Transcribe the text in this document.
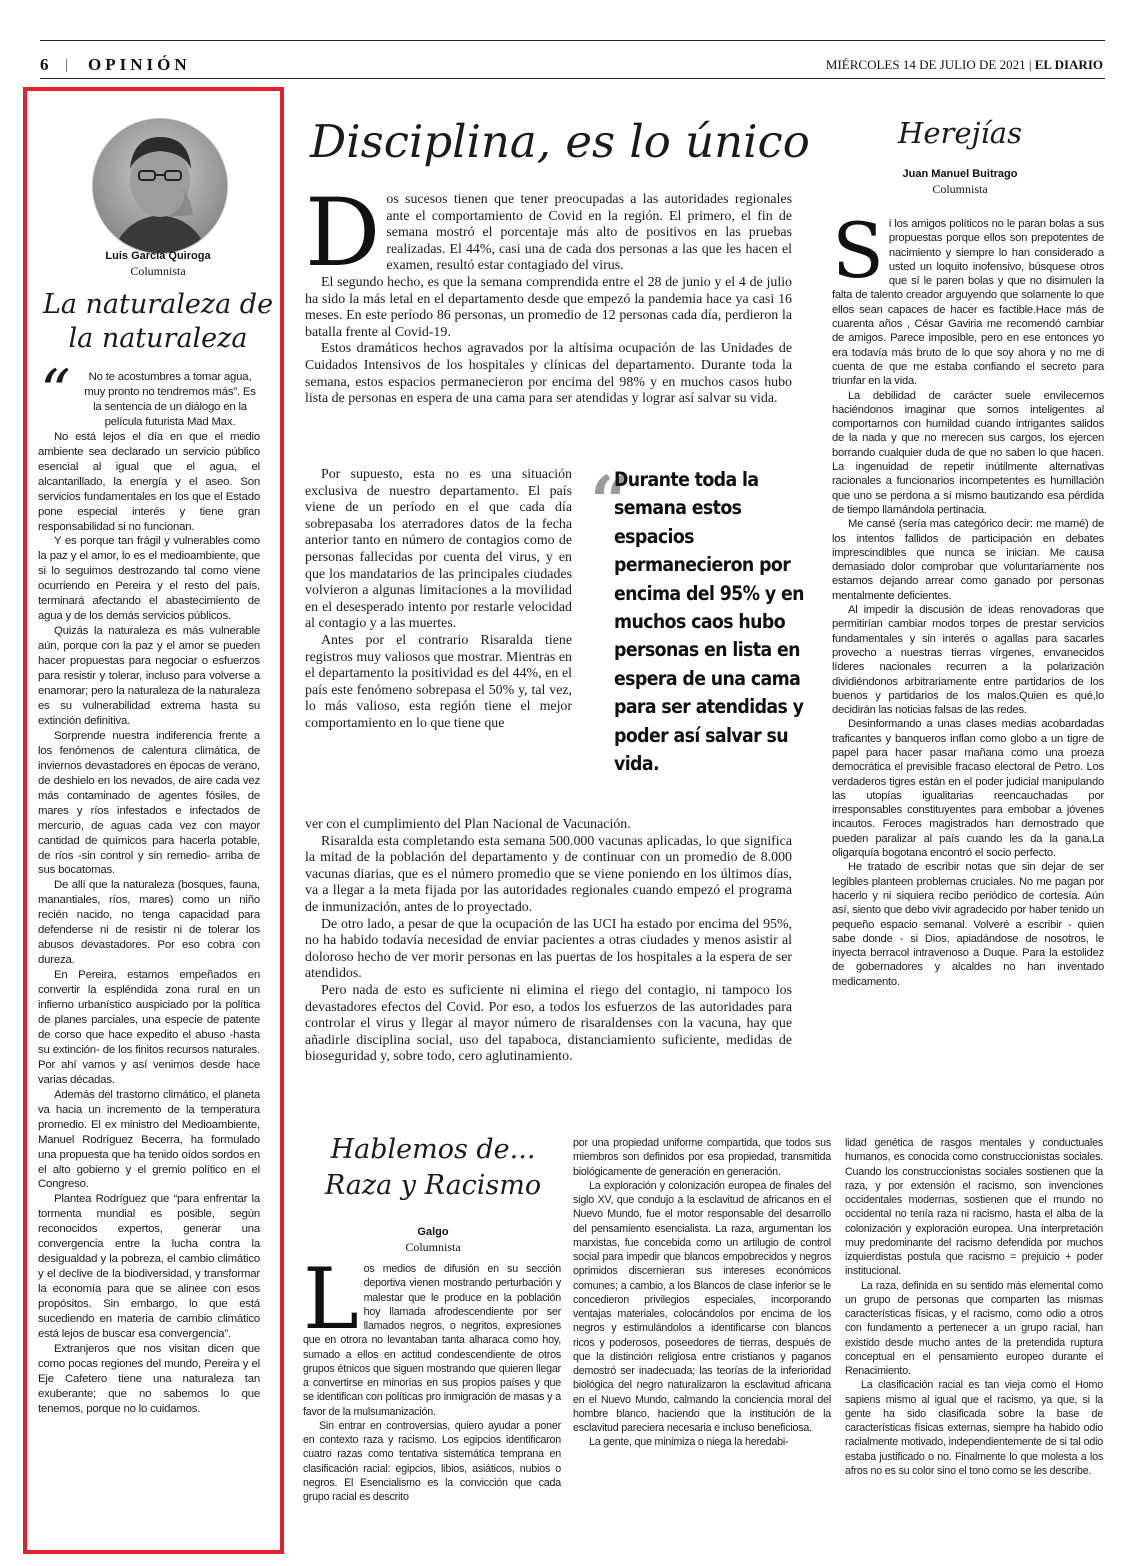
6 | OPINIÓN	MIÉRCOLES 14 DE JULIO DE 2021 | EL DIARIO
Luis García Quiroga
Columnista
La naturaleza de
la naturaleza
“	No te acostumbres a tomar agua, muy pronto no tendremos más”. Es la sentencia de un diálogo en la película futurista Mad Max.

No está lejos el día en que el medio ambiente sea declarado un servicio público esencial al igual que el agua, el alcantarillado, la energía y el aseo. Son servicios fundamentales en los que el Estado pone especial interés y tiene gran responsabilidad si no funcionan.

Y es porque tan frágil y vulnerables como la paz y el amor, lo es el medioambiente, que si lo seguimos destrozando tal como viene ocurriendo en Pereira y el resto del país, terminará afectando el abastecimiento de agua y de los demás servicios públicos.

Quizás la naturaleza es más vulnerable aún, porque con la paz y el amor se pueden hacer propuestas para negociar o esfuerzos para resistir y tolerar, incluso para volverse a enamorar; pero la naturaleza de la naturaleza es su vulnerabilidad extrema hasta su extinción definitiva.

Sorprende nuestra indiferencia frente a los fenómenos de calentura climática, de inviernos devastadores en épocas de verano, de deshielo en los nevados, de aire cada vez más contaminado de agentes fósiles, de mares y ríos infestados e infectados de mercurio, de aguas cada vez con mayor cantidad de químicos para hacerla potable, de ríos -sin control y sin remedio- arriba de sus bocatomas.

De allí que la naturaleza (bosques, fauna, manantiales, ríos, mares) como un niño recién nacido, no tenga capacidad para defenderse ni de resistir ni de tolerar los abusos devastadores. Por eso cobra con dureza.

En Pereira, estamos empeñados en convertir la espléndida zona rural en un infierno urbanístico auspiciado por la política de planes parciales, una especie de patente de corso que hace expedito el abuso -hasta su extinción- de los finitos recursos naturales. Por ahí vamos y así venimos desde hace varias décadas.

Además del trastorno climático, el planeta va hacia un incremento de la temperatura promedio. El ex ministro del Medioambiente, Manuel Rodríguez Becerra, ha formulado una propuesta que ha tenido oídos sordos en el alto gobierno y el gremio político en el Congreso.

Plantea Rodríguez que “para enfrentar la tormenta mundial es posible, según reconocidos expertos, generar una convergencia entre la lucha contra la desigualdad y la pobreza, el cambio climático y el declive de la biodiversidad, y transformar la economía para que se alinee con esos propósitos. Sin embargo, lo que está sucediendo en materia de cambio climático está lejos de buscar esa convergencia”.

Extranjeros que nos visitan dicen que como pocas regiones del mundo, Pereira y el Eje Cafetero tiene una naturaleza tan exuberante; que no sabemos lo que tenemos, porque no lo cuidamos.

Disciplina, es lo único

Dos sucesos tienen que tener preocupadas a las autoridades regionales ante el comportamiento de Covid en la región. El primero, el fin de semana mostró el porcentaje más alto de positivos en las pruebas realizadas. El 44%, casi una de cada dos personas a las que les hacen el examen, resultó estar contagiado del virus.

El segundo hecho, es que la semana comprendida entre el 28 de junio y el 4 de julio ha sido la más letal en el departamento desde que empezó la pandemia hace ya casi 16 meses. En este período 86 personas, un promedio de 12 personas cada día, perdieron la batalla frente al Covid-19.

Estos dramáticos hechos agravados por la altísima ocupación de las Unidades de Cuidados Intensivos de los hospitales y clínicas del departamento. Durante toda la semana, estos espacios permanecieron por encima del 98% y en muchos casos hubo lista de personas en espera de una cama para ser atendidas y lograr así salvar su vida.

Por supuesto, esta no es una situación exclusiva de nuestro departamento. El país viene de un período en el que cada día sobrepasaba los aterradores datos de la fecha anterior tanto en número de contagios como de personas fallecidas por cuenta del virus, y en que los mandatarios de las principales ciudades volvieron a algunas limitaciones a la movilidad en el desesperado intento por restarle velocidad al contagio y a las muertes.

Antes por el contrario Risaralda tiene registros muy valiosos que mostrar. Mientras en el departamento la positividad es del 44%, en el país este fenómeno sobrepasa el 50% y, tal vez, lo más valioso, esta región tiene el mejor comportamiento en lo que tiene que

ver con el cumplimiento del Plan Nacional de Vacunación.

Risaralda esta completando esta semana 500.000 vacunas aplicadas, lo que significa la mitad de la población del departamento y de continuar con un promedio de 8.000 vacunas diarias, que es el número promedio que se viene poniendo en los últimos días, va a llegar a la meta fijada por las autoridades regionales cuando empezó el programa de inmunización, antes de lo proyectado.

De otro lado, a pesar de que la ocupación de las UCI ha estado por encima del 95%, no ha habido todavía necesidad de enviar pacientes a otras ciudades y menos asistir al doloroso hecho de ver morir personas en las puertas de los hospitales a la espera de ser atendidos.

Pero nada de esto es suficiente ni elimina el riego del contagio, ni tampoco los devastadores efectos del Covid. Por eso, a todos los esfuerzos de las autoridades para controlar el virus y llegar al mayor número de risaraldenses con la vacuna, hay que añadirle disciplina social, uso del tapaboca, distanciamiento suficiente, medidas de bioseguridad y, sobre todo, cero aglutinamiento.

“
Durante toda la semana estos espacios permanecieron por encima del 95% y en muchos caos hubo personas en lista en espera de una cama para ser atendidas y poder así salvar su vida.
Herejías
Juan Manuel Buitrago
Columnista

Si los amigos políticos no le paran bolas a sus propuestas porque ellos son prepotentes de nacimiento y siempre lo han considerado a usted un loquito inofensivo, búsquese otros que sí le paren bolas y que no disimulen la falta de talento creador arguyendo que solamente lo que ellos sean capaces de hacer es factible.Hace más de cuarenta años , César Gaviria me recomendó cambiar de amigos. Parece imposible, pero en ese entonces yo era todavía más bruto de lo que soy ahora y no me di cuenta de que me estaba confiando el secreto para triunfar en la vida.

La debilidad de carácter suele envilecernos haciéndonos imaginar que somos inteligentes al comportarnos con humildad cuando intrigantes salidos de la nada y que no merecen sus cargos, los ejercen borrando cualquier duda de que no saben lo que hacen. La ingenuidad de repetir inútilmente alternativas racionales a funcionarios incompetentes es humillación que uno se perdona a sí mismo bautizando esa pérdida de tiempo llamándola pertinacia.

Me cansé (sería mas categórico decir: me mamé) de los intentos fallidos de participación en debates imprescindibles que nunca se inician. Me causa demasiado dolor comprobar que voluntariamente nos estamos dejando arrear como ganado por personas mentalmente deficientes.

Al impedir la discusión de ideas renovadoras que permitirían cambiar modos torpes de prestar servicios fundamentales y sin interés o agallas para sacarles provecho a nuestras tierras vírgenes, envanecidos líderes nacionales recurren a la polarización dividiéndonos arbitrariamente entre partidarios de los buenos y partidarios de los malos.Quien es qué,lo decidirán las noticias falsas de las redes.

Desinformando a unas clases medias acobardadas traficantes y banqueros inflan como globo a un tigre de papel para hacer pasar mañana como una proeza democrática el previsible fracaso electoral de Petro. Los verdaderos tigres están en el poder judicial manipulando las utopías igualitarias reencauchadas por irresponsables constituyentes para embobar a jóvenes incautos. Feroces magistrados han demostrado que pueden paralizar al país cuando les da la gana.La oligarquía bogotana encontró el socio perfecto.

He tratado de escribir notas que sin dejar de ser legibles planteen problemas cruciales. No me pagan por hacerlo y ni siquiera recibo periódico de cortesía. Aún así, siento que debo vivir agradecido por haber tenido un pequeño espacio semanal. Volveré a escribir - quien sabe donde - si Dios, apiadándose de nosotros, le inyecta berracol intravenoso a Duque. Para la estolidez de gobernadores y alcaldes no han inventado medicamento.

Hablemos de...
Raza y Racismo
Galgo
Columnista

Los medios de difusión en su sección deportiva vienen mostrando perturbación y malestar que le produce en la población hoy llamada afrodescendiente por ser llamados negros, o negritos, expresiones que en otrora no levantaban tanta alharaca como hoy, sumado a ellos en actitud condescendiente de otros grupos étnicos que siguen mostrando que quieren llegar a convertirse en minorías en sus propios países y que se identifican con políticas pro inmigración de masas y a favor de la mulsumanización.

Sin entrar en controversias, quiero ayudar a poner en contexto raza y racismo. Los egipcios identificaron cuatro razas como tentativa sistemática temprana en clasificación racial: egipcios, libios, asiáticos, nubios o negros. El Esencialismo es la convicción que cada grupo racial es descrito

por una propiedad uniforme compartida, que todos sus miembros son definidos por esa propiedad, transmitida biológicamente de generación en generación.

La exploración y colonización europea de finales del siglo XV, que condujo a la esclavitud de africanos en el Nuevo Mundo, fue el motor responsable del desarrollo del pensamiento esencialista. La raza, argumentan los marxistas, fue concebida como un artilugio de control social para impedir que blancos empobrecidos y negros oprimidos discernieran sus intereses económicos comunes; a cambio, a los Blancos de clase inferior se le concedieron privilegios especiales, incorporando ventajas materiales, colocándolos por encima de los negros y estimulándolos a identificarse con blancos ricos y poderosos, poseedores de tierras, después de que la distinción religiosa entre cristianos y paganos demostró ser inadecuada; las teorías de la inferioridad biológica del negro naturalizaron la esclavitud africana en el Nuevo Mundo, calmando la conciencia moral del hombre blanco, haciendo que la institución de la esclavitud pareciera necesaria e incluso beneficiosa.

La gente, que minimiza o niega la heredabi-

lidad genética de rasgos mentales y conductuales humanos, es conocida como construccionistas sociales. Cuando los construccionistas sociales sostienen que la raza, y por extensión el racismo, son invenciones occidentales modernas, sostienen que el mundo no occidental no tenía raza ni racismo, hasta el alba de la colonización y exploración europea. Una interpretación muy predominante del racismo defendida por muchos izquierdistas postula que racismo = prejuicio + poder institucional.

La raza, definida en su sentido más elemental como un grupo de personas que comparten las mismas características físicas, y el racismo, como odio a otros con fundamento a pertenecer a un grupo racial, han existido desde mucho antes de la pretendida ruptura conceptual en el pensamiento europeo durante el Renacimiento.

La clasificación racial es tan vieja como el Homo sapiens mismo al igual que el racismo, ya que, si la gente ha sido clasificada sobre la base de características físicas externas, siempre ha habido odio racialmente motivado, independientemente de si tal odio estaba justificado o no. Finalmente lo que molesta a los afros no es su color sino el tono como se les describe.
